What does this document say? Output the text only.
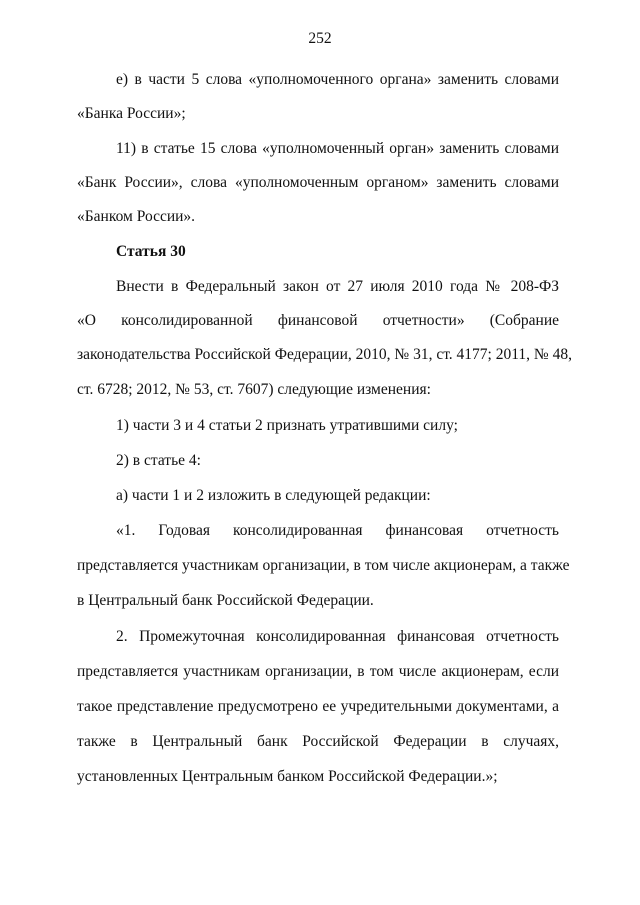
252
е) в части 5 слова «уполномоченного органа» заменить словами
«Банка России»;
11) в статье 15 слова «уполномоченный орган» заменить словами
«Банк России», слова «уполномоченным органом» заменить словами
«Банком России».
Статья 30
Внести в Федеральный закон от 27 июля 2010 года № 208-ФЗ
«О консолидированной финансовой отчетности» (Собрание
законодательства Российской Федерации, 2010, № 31, ст. 4177; 2011, № 48,
ст. 6728; 2012, № 53, ст. 7607) следующие изменения:
1) части 3 и 4 статьи 2 признать утратившими силу;
2) в статье 4:
а) части 1 и 2 изложить в следующей редакции:
«1. Годовая консолидированная финансовая отчетность
представляется участникам организации, в том числе акционерам, а также
в Центральный банк Российской Федерации.
2. Промежуточная консолидированная финансовая отчетность
представляется участникам организации, в том числе акционерам, если
такое представление предусмотрено ее учредительными документами, а
также в Центральный банк Российской Федерации в случаях,
установленных Центральным банком Российской Федерации.»;
